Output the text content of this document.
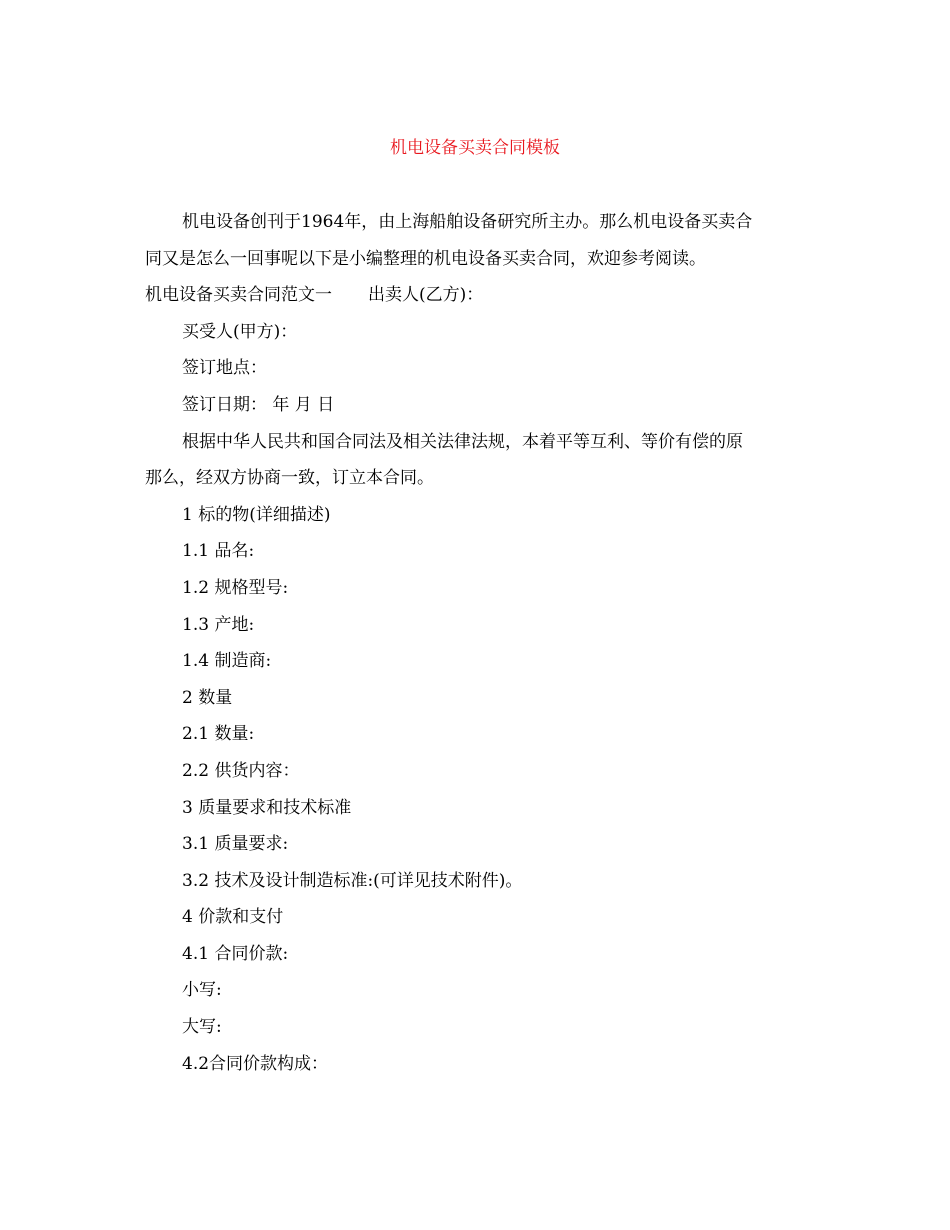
机电设备买卖合同模板
机电设备创刊于1964年，由上海船舶设备研究所主办。那么机电设备买卖合
同又是怎么一回事呢以下是小编整理的机电设备买卖合同，欢迎参考阅读。
机电设备买卖合同范文一 出卖人(乙方)：
买受人(甲方)：
签订地点：
签订日期： 年 月 日
根据中华人民共和国合同法及相关法律法规，本着平等互利、等价有偿的原
那么，经双方协商一致，订立本合同。
1 标的物(详细描述)
1.1 品名:
1.2 规格型号:
1.3 产地:
1.4 制造商:
2 数量
2.1 数量:
2.2 供货内容：
3 质量要求和技术标准
3.1 质量要求:
3.2 技术及设计制造标准:(可详见技术附件)。
4 价款和支付
4.1 合同价款:
小写:
大写:
4.2合同价款构成：
